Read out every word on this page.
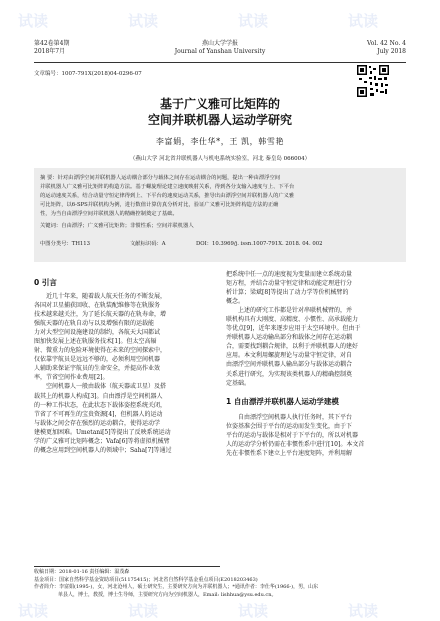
第42卷第4期
2018年7月
燕山大学学报
Journal of Yanshan University
Vol. 42 No. 4
July 2018
文章编号：1007-791X(2018)04-0296-07
基于广义雅可比矩阵的
空间并联机器人运动学研究
李富娟，李仕华*，王 凯，韩雪艳
（燕山大学 河北省并联机器人与机电系统实验室，河北 秦皇岛 066004）
摘 要：针对由漂浮空间并联机器人运动耦合部分与载体之间存在运动耦合的问题，提出一种由漂浮空间
并联机器人广义雅可比矩阵的构造方法。基于螺旋理论建立速度映射关系，得到各分支输入速度与上、下平台
的运动速度关系，结合动量守恒定律得到上、下平台的速度运动关系，推导出由漂浮空间并联机器人的广义雅
可比矩阵，以6-SPS并联机构为例，进行数值计算仿真分析对比，验证广义雅可比矩阵构造方法的正确
性，为当自由漂浮空间并联机器人的精确控制奠定了基础。
关键词：自由漂浮；广义雅可比矩阵；非惯性系；空间并联机器人
中图分类号：TH113	文献标识码：A	DOI：10.3969/j. issn.1007-791X. 2018. 04. 002
0 引言
近几十年来，随着载人航天任务的不断发展，
各国对卫星捕获回收、在轨装配维修等在轨服务
技术越来越关注，为了延长航天器的在轨寿命，增
强航天器的在轨自动与以及增强有限的运载能
力对大型空间设施建设的制约，各航天大国都试
图加快发展上述在轨服务技术[1]。但太空高辐
射、微重力的危险环境使得在未来的空间探索中，
仅依靠宇航员是远远不够的，必须利用空间机器
人辅助来保证宇航员的生命安全，并提高作业效
率，节省空间作业费用[2]。
空间机器人一般由载体（航天器或卫星）及搭
载其上的机器人构成[3]。自由漂浮是空间机器人
的一种工作状态，在此状态下载体姿控系统关闭，
节省了不可再生的宝贵资源[4]，但机器人的运动
与载体之间会存在强烈的运动耦合，使得运动学
建模更加困难。Umetani[5]等提出了反映系统运动
学的广义雅可比矩阵概念；Vafa[6]等将虚拟机械臂
的概念应用到空间机器人的领域中；Saha[7]等通过
收稿日期：2018-01-16 责任编辑：温茂森
基金项目：国家自然科学基金资助项目(51175415)；河北省自然科学基金重点项目(E2018203463)
作者简介：李富娟(1995-)，女，河北沧州人，硕士研究生，主要研究方向为并联机器人；*通讯作者：李仕华(1966-)，男，山东
单县人，博士，教授，博士生导师，主要研究方向为空间机器人，Email: lishhua@ysu.edu.cn。
把系统中任一点的速度视为变量而建立系统动量
矩方程，并结合动量守恒定律和动能定理进行分
析计算；梁斌[8]等提出了动力学等价机械臂的
概念。
上述的研究工作都是针对串联机械臂的，并
联机构具有大刚度、高精度、小惯性、高承载能力
等优点[9]，近年来逐步应用于太空环境中。但由于
并联机器人运动输出部分和载体之间存在运动耦
合，需要找到耦合规律，以利于并联机器人的建好
应用。本文利用螺旋理论与动量守恒定律，对自
由漂浮空间并联机器人输出部分与载体运动耦合
关系进行研究，为实现该类机器人的精确控制奠
定基础。
1 自由漂浮并联机器人运动学建模
自由漂浮空间机器人执行任务时，其下平台
位姿基准会围于平台的运动而发生变化，由于下
平台的运动与载体是相对于下平台的，所以对机器
人的运动学分析仍需在非惯性系中进行[10]。本文首
先在非惯性系下建立上平台速度矩阵，并利用解
试读	试读	试读	试读
试读	试读	试读	试读
